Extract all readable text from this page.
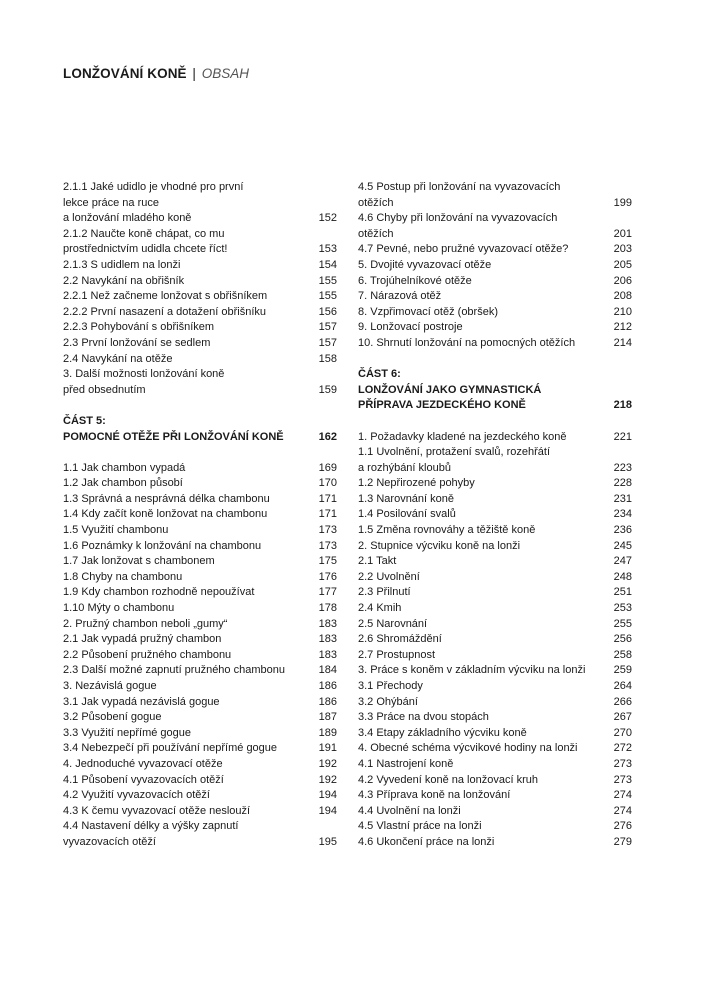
LONŽOVÁNÍ KONĚ | OBSAH
2.1.1 Jaké udidlo je vhodné pro první
lekce práce na ruce
a lonžování mladého koně	152
2.1.2 Naučte koně chápat, co mu
prostřednictvím udidla chcete říct!	153
2.1.3 S udidlem na lonži	154
2.2 Navykání na obřišník	155
2.2.1 Než začneme lonžovat s obřišníkem	155
2.2.2 První nasazení a dotažení obřišníku	156
2.2.3 Pohybování s obřišníkem	157
2.3 První lonžování se sedlem	157
2.4 Navykání na otěže	158
3. Další možnosti lonžování koně
před obsednutím	159
ČÁST 5:
POMOCNÉ OTĚŽE PŘI LONŽOVÁNÍ KONĚ	162
1.1 Jak chambon vypadá	169
1.2 Jak chambon působí	170
1.3 Správná a nesprávná délka chambonu	171
1.4 Kdy začít koně lonžovat na chambonu	171
1.5 Využití chambonu	173
1.6 Poznámky k lonžování na chambonu	173
1.7 Jak lonžovat s chambonem	175
1.8 Chyby na chambonu	176
1.9 Kdy chambon rozhodně nepoužívat	177
1.10 Mýty o chambonu	178
2. Pružný chambon neboli „gumy“	183
2.1 Jak vypadá pružný chambon	183
2.2 Působení pružného chambonu	183
2.3 Další možné zapnutí pružného chambonu	184
3. Nezávislá gogue	186
3.1 Jak vypadá nezávislá gogue	186
3.2 Působení gogue	187
3.3 Využití nepřímé gogue	189
3.4 Nebezpečí při používání nepřímé gogue	191
4. Jednoduché vyvazovací otěže	192
4.1 Působení vyvazovacích otěží	192
4.2 Využití vyvazovacích otěží	194
4.3 K čemu vyvazovací otěže neslouží	194
4.4 Nastavení délky a výšky zapnutí
vyvazovacích otěží	195
4.5 Postup při lonžování na vyvazovacích
otěžích	199
4.6 Chyby při lonžování na vyvazovacích
otěžích	201
4.7 Pevné, nebo pružné vyvazovací otěže?	203
5. Dvojité vyvazovací otěže	205
6. Trojúhelníkové otěže	206
7. Nárazová otěž	208
8. Vzpřimovací otěž (obršek)	210
9. Lonžovací postroje	212
10. Shrnutí lonžování na pomocných otěžích	214
ČÁST 6:
LONŽOVÁNÍ JAKO GYMNASTICKÁ
PŘÍPRAVA JEZDECKÉHO KONĚ	218
1. Požadavky kladené na jezdeckého koně	221
1.1 Uvolnění, protažení svalů, rozehřátí
a rozhýbání kloubů	223
1.2 Nepřirozené pohyby	228
1.3 Narovnání koně	231
1.4 Posilování svalů	234
1.5 Změna rovnováhy a těžiště koně	236
2. Stupnice výcviku koně na lonži	245
2.1 Takt	247
2.2 Uvolnění	248
2.3 Přilnutí	251
2.4 Kmih	253
2.5 Narovnání	255
2.6 Shromáždění	256
2.7 Prostupnost	258
3. Práce s koněm v základním výcviku na lonži	259
3.1 Přechody	264
3.2 Ohýbání	266
3.3 Práce na dvou stopách	267
3.4 Etapy základního výcviku koně	270
4. Obecné schéma výcvikové hodiny na lonži	272
4.1 Nastrojení koně	273
4.2 Vyvedení koně na lonžovací kruh	273
4.3 Příprava koně na lonžování	274
4.4 Uvolnění na lonži	274
4.5 Vlastní práce na lonži	276
4.6 Ukončení práce na lonži	279
